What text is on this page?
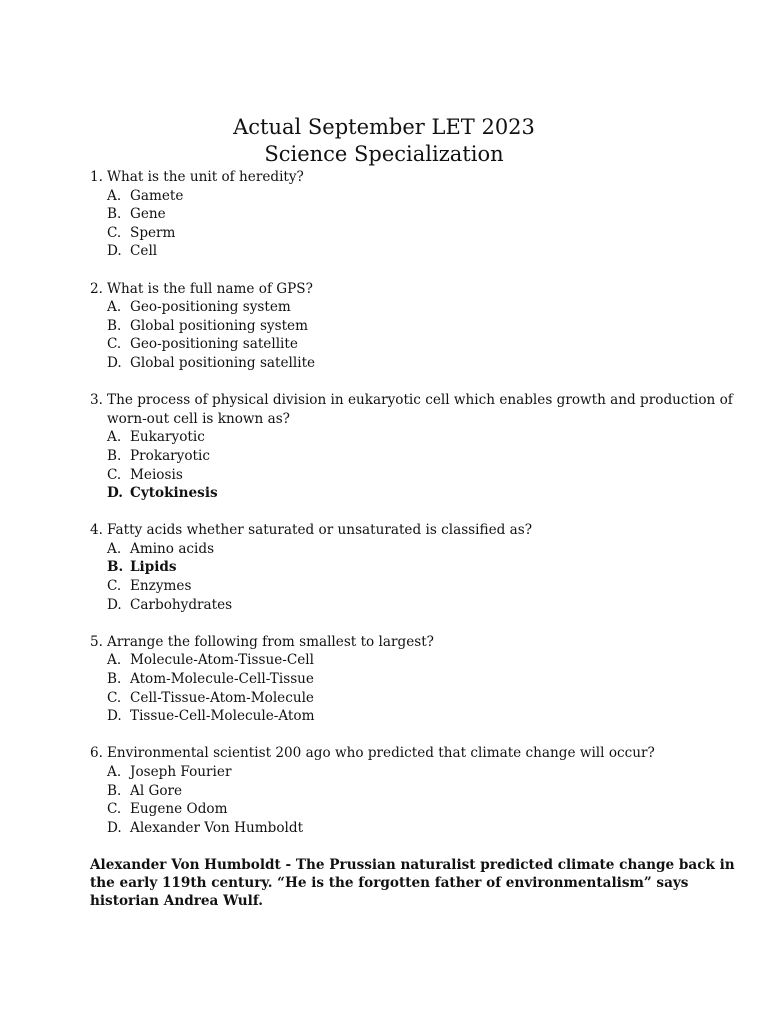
Actual September LET 2023
Science Specialization
1. What is the unit of heredity?
A. Gamete
B. Gene
C. Sperm
D. Cell
2. What is the full name of GPS?
A. Geo-positioning system
B. Global positioning system
C. Geo-positioning satellite
D. Global positioning satellite
3. The process of physical division in eukaryotic cell which enables growth and production of worn-out cell is known as?
A. Eukaryotic
B. Prokaryotic
C. Meiosis
D. Cytokinesis
4. Fatty acids whether saturated or unsaturated is classified as?
A. Amino acids
B. Lipids
C. Enzymes
D. Carbohydrates
5. Arrange the following from smallest to largest?
A. Molecule-Atom-Tissue-Cell
B. Atom-Molecule-Cell-Tissue
C. Cell-Tissue-Atom-Molecule
D. Tissue-Cell-Molecule-Atom
6. Environmental scientist 200 ago who predicted that climate change will occur?
A. Joseph Fourier
B. Al Gore
C. Eugene Odom
D. Alexander Von Humboldt
Alexander Von Humboldt - The Prussian naturalist predicted climate change back in the early 119th century. “He is the forgotten father of environmentalism” says historian Andrea Wulf.
